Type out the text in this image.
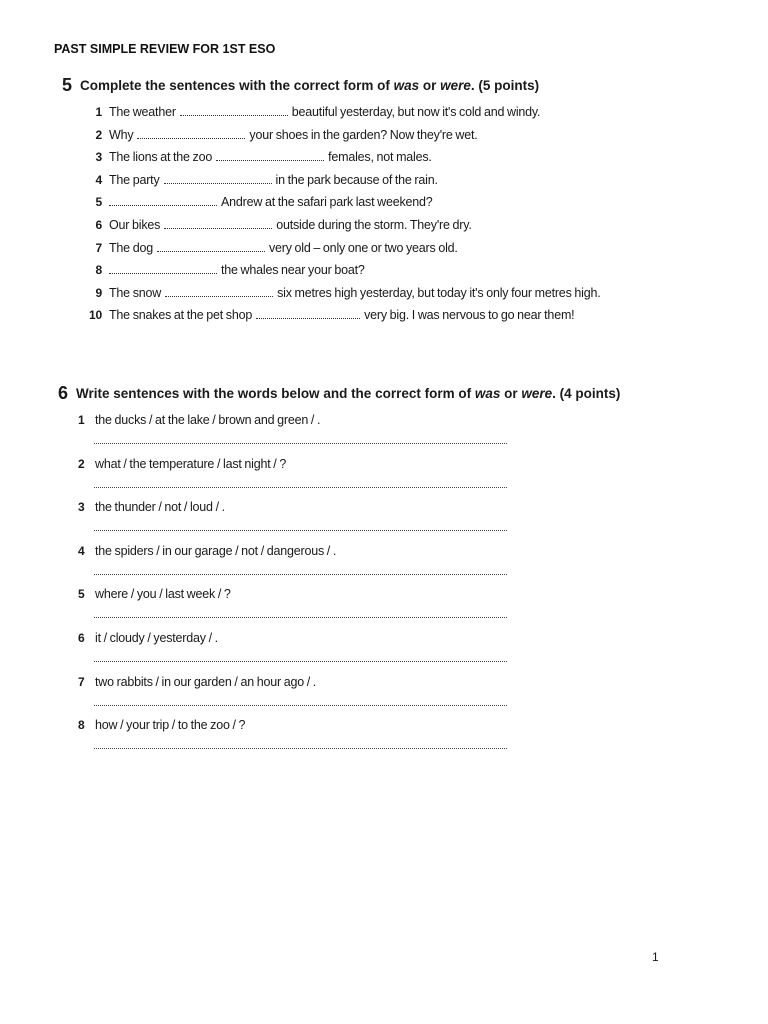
PAST SIMPLE REVIEW FOR 1ST ESO
5 Complete the sentences with the correct form of was or were. (5 points)
1 The weather	beautiful yesterday, but now it's cold and windy.
2 Why	your shoes in the garden? Now they're wet.
3 The lions at the zoo	females, not males.
4 The party	in the park because of the rain.
5	Andrew at the safari park last weekend?
6 Our bikes	outside during the storm. They're dry.
7 The dog	very old – only one or two years old.
8	the whales near your boat?
9 The snow	six metres high yesterday, but today it's only four metres high.
10 The snakes at the pet shop	very big. I was nervous to go near them!
6 Write sentences with the words below and the correct form of was or were. (4 points)
1 the ducks / at the lake / brown and green / .
2 what / the temperature / last night / ?
3 the thunder / not / loud / .
4 the spiders / in our garage / not / dangerous / .
5 where / you / last week / ?
6 it / cloudy / yesterday / .
7 two rabbits / in our garden / an hour ago / .
8 how / your trip / to the zoo / ?
1
